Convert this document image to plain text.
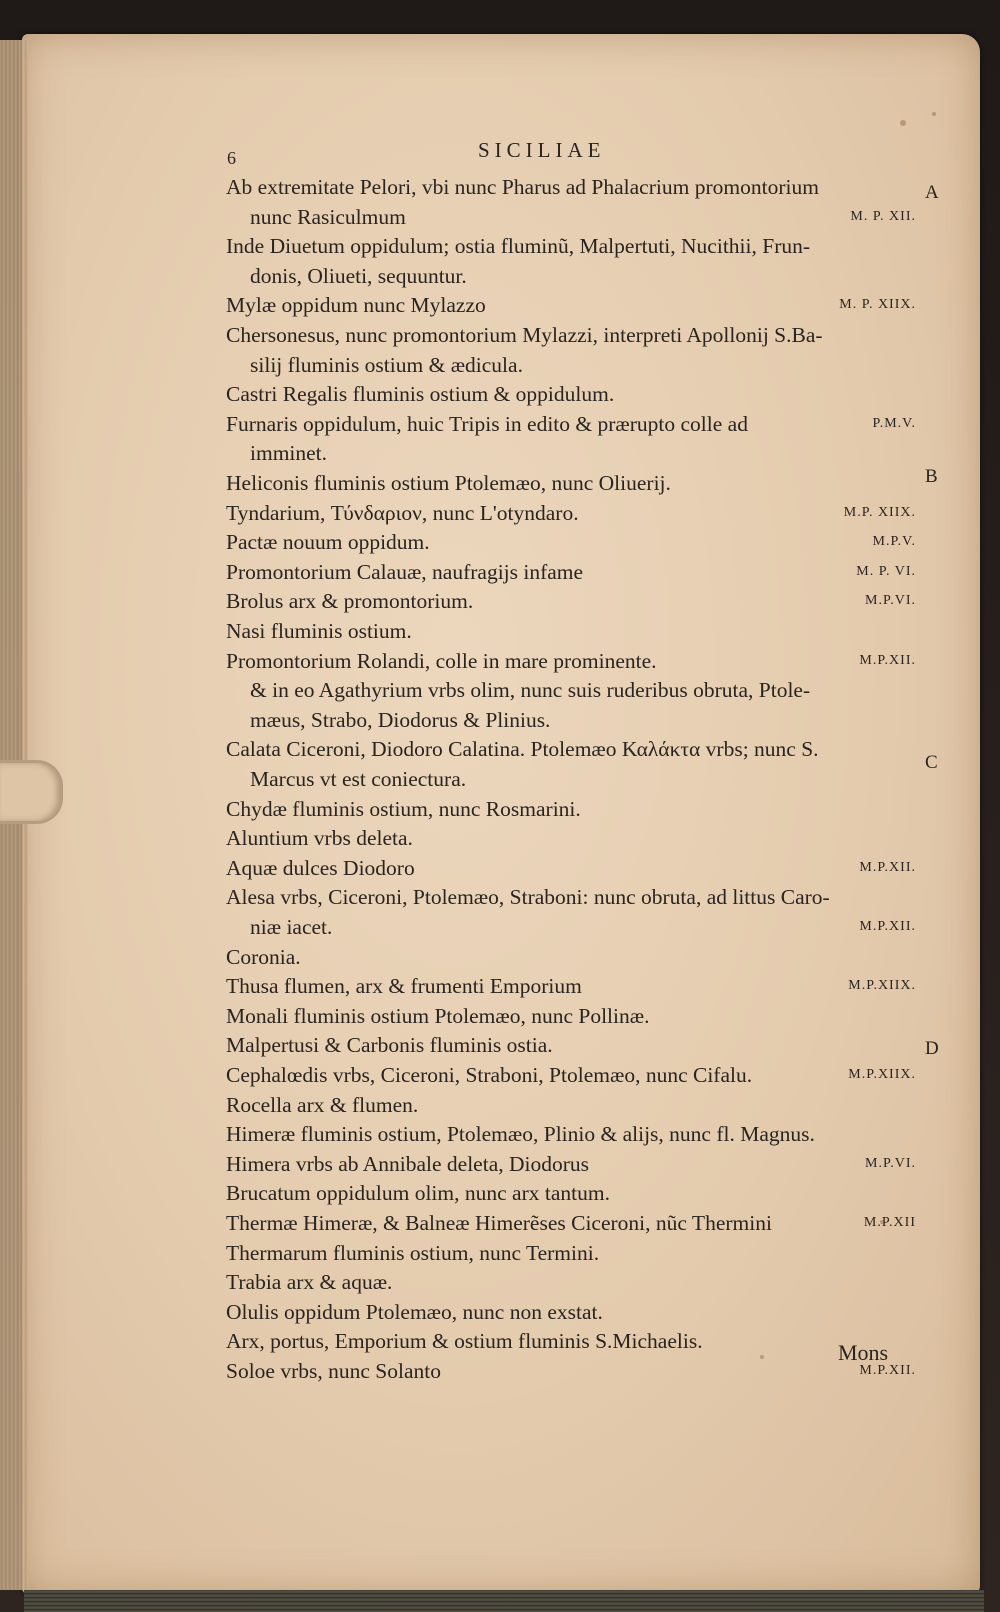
6	SICILIAE
Ab extremitate Pelori, vbi nunc Pharus ad Phalacrium promontorium
nunc Rasiculmum	M. P. XII.
Inde Diuetum oppidulum; ostia fluminũ, Malpertuti, Nucithii, Frun-
donis, Oliueti, sequuntur.
Mylæ oppidum nunc Mylazzo	M. P. XIIX.
Chersonesus, nunc promontorium Mylazzi, interpreti Apollonij S.Ba-
silij fluminis ostium & ædicula.
Castri Regalis fluminis ostium & oppidulum.
Furnaris oppidulum, huic Tripis in edito & prærupto colle ad	P.M.V.
imminet.
Heliconis fluminis ostium Ptolemæo, nunc Oliuerij.
Tyndarium, Τύνδαριον, nunc L'otyndaro.	M.P. XIIX.
Pactæ nouum oppidum.	M.P.V.
Promontorium Calauæ, naufragijs infame	M. P. VI.
Brolus arx & promontorium.	M.P.VI.
Nasi fluminis ostium.
Promontorium Rolandi, colle in mare prominente.	M.P.XII.
& in eo Agathyrium vrbs olim, nunc suis ruderibus obruta, Ptole-
mæus, Strabo, Diodorus & Plinius.
Calata Ciceroni, Diodoro Calatina. Ptolemæo Καλάκτα vrbs; nunc S.
Marcus vt est coniectura.
Chydæ fluminis ostium, nunc Rosmarini.
Aluntium vrbs deleta.
Aquæ dulces Diodoro	M.P.XII.
Alesa vrbs, Ciceroni, Ptolemæo, Straboni: nunc obruta, ad littus Caro-
niæ iacet.	M.P.XII.
Coronia.
Thusa flumen, arx & frumenti Emporium	M.P.XIIX.
Monali fluminis ostium Ptolemæo, nunc Pollinæ.
Malpertusi & Carbonis fluminis ostia.
Cephalœdis vrbs, Ciceroni, Straboni, Ptolemæo, nunc Cifalu.	M.P.XIIX.
Rocella arx & flumen.
Himeræ fluminis ostium, Ptolemæo, Plinio & alijs, nunc fl. Magnus.
Himera vrbs ab Annibale deleta, Diodorus	M.P.VI.
Brucatum oppidulum olim, nunc arx tantum.
Thermæ Himeræ, & Balneæ Himerẽses Ciceroni, nũc Thermini	M.P.XII
Thermarum fluminis ostium, nunc Termini.
Trabia arx & aquæ.
Olulis oppidum Ptolemæo, nunc non exstat.
Arx, portus, Emporium & ostium fluminis S.Michaelis.
Soloe vrbs, nunc Solanto	M.P.XII.
A
B
C
D
Mons
